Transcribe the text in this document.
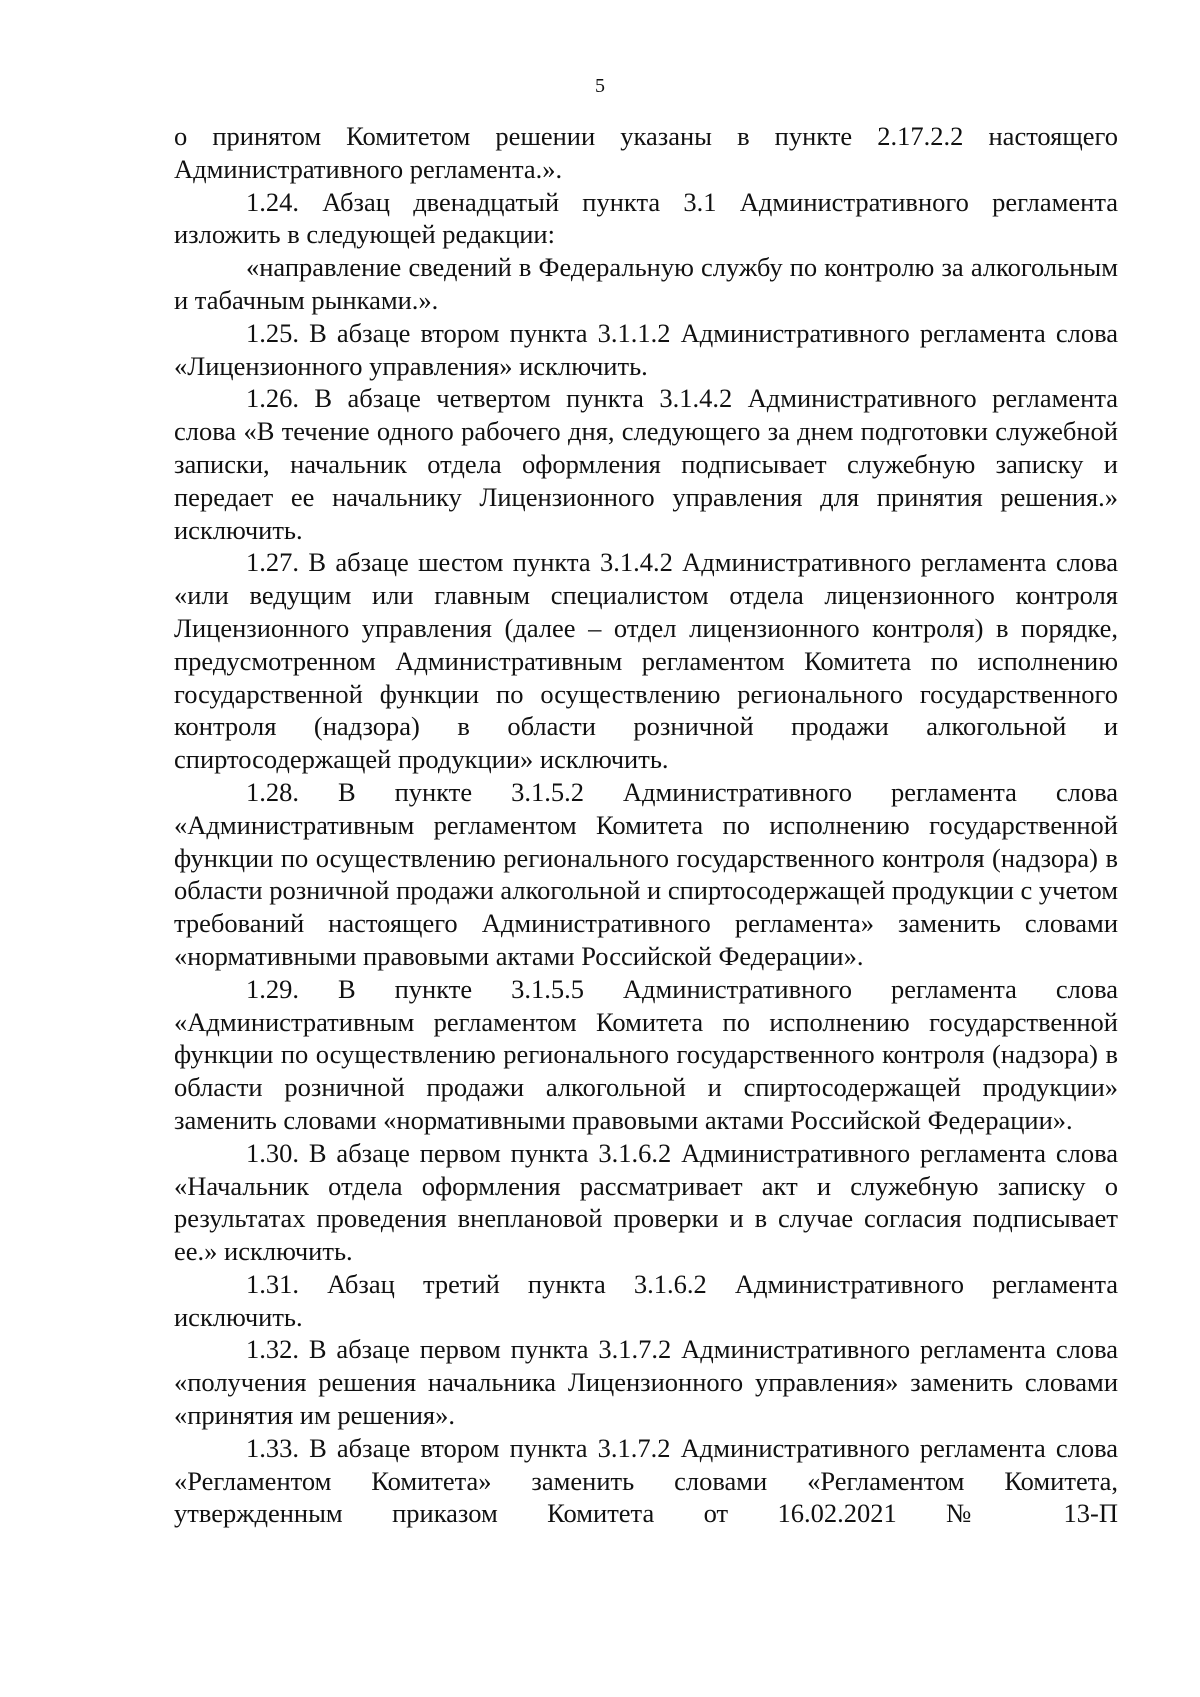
5

о принятом Комитетом решении указаны в пункте 2.17.2.2 настоящего Административного регламента.».

1.24. Абзац двенадцатый пункта 3.1 Административного регламента изложить в следующей редакции:

«направление сведений в Федеральную службу по контролю за алкогольным и табачным рынками.».

1.25. В абзаце втором пункта 3.1.1.2 Административного регламента слова «Лицензионного управления» исключить.

1.26. В абзаце четвертом пункта 3.1.4.2 Административного регламента слова «В течение одного рабочего дня, следующего за днем подготовки служебной записки, начальник отдела оформления подписывает служебную записку и передает ее начальнику Лицензионного управления для принятия решения.» исключить.

1.27. В абзаце шестом пункта 3.1.4.2 Административного регламента слова «или ведущим или главным специалистом отдела лицензионного контроля Лицензионного управления (далее – отдел лицензионного контроля) в порядке, предусмотренном Административным регламентом Комитета по исполнению государственной функции по осуществлению регионального государственного контроля (надзора) в области розничной продажи алкогольной и спиртосодержащей продукции» исключить.

1.28. В пункте 3.1.5.2 Административного регламента слова «Административным регламентом Комитета по исполнению государственной функции по осуществлению регионального государственного контроля (надзора) в области розничной продажи алкогольной и спиртосодержащей продукции с учетом требований настоящего Административного регламента» заменить словами «нормативными правовыми актами Российской Федерации».

1.29. В пункте 3.1.5.5 Административного регламента слова «Административным регламентом Комитета по исполнению государственной функции по осуществлению регионального государственного контроля (надзора) в области розничной продажи алкогольной и спиртосодержащей продукции» заменить словами «нормативными правовыми актами Российской Федерации».

1.30. В абзаце первом пункта 3.1.6.2 Административного регламента слова «Начальник отдела оформления рассматривает акт и служебную записку о результатах проведения внеплановой проверки и в случае согласия подписывает ее.» исключить.

1.31. Абзац третий пункта 3.1.6.2 Административного регламента исключить.

1.32. В абзаце первом пункта 3.1.7.2 Административного регламента слова «получения решения начальника Лицензионного управления» заменить словами «принятия им решения».

1.33. В абзаце втором пункта 3.1.7.2 Административного регламента слова «Регламентом Комитета» заменить словами «Регламентом Комитета, утвержденным приказом Комитета от 16.02.2021 № 13-П
